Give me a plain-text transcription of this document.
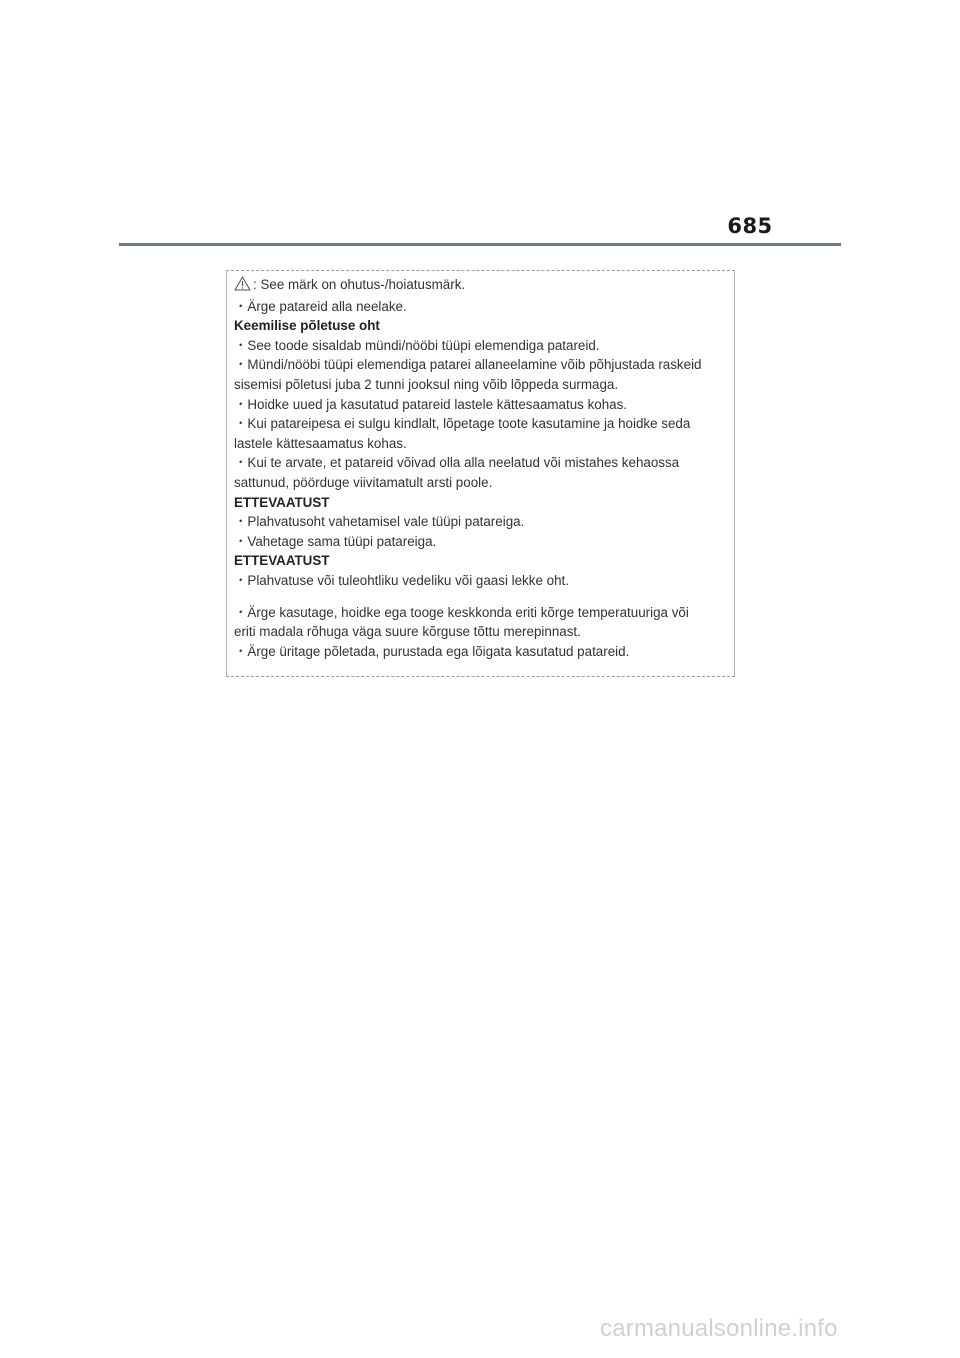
685
: See märk on ohutus-/hoiatusmärk.
・Ärge patareid alla neelake.
Keemilise põletuse oht
・See toode sisaldab mündi/nööbi tüüpi elemendiga patareid.
・Mündi/nööbi tüüpi elemendiga patarei allaneelamine võib põhjustada raskeid
sisemisi põletusi juba 2 tunni jooksul ning võib lõppeda surmaga.
・Hoidke uued ja kasutatud patareid lastele kättesaamatus kohas.
・Kui patareipesa ei sulgu kindlalt, lõpetage toote kasutamine ja hoidke seda
lastele kättesaamatus kohas.
・Kui te arvate, et patareid võivad olla alla neelatud või mistahes kehaossa
sattunud, pöörduge viivitamatult arsti poole.
ETTEVAATUST
・Plahvatusoht vahetamisel vale tüüpi patareiga.
・Vahetage sama tüüpi patareiga.
ETTEVAATUST
・Plahvatuse või tuleohtliku vedeliku või gaasi lekke oht.
・Ärge kasutage, hoidke ega tooge keskkonda eriti kõrge temperatuuriga või
eriti madala rõhuga väga suure kõrguse tõttu merepinnast.
・Ärge üritage põletada, purustada ega lõigata kasutatud patareid.
carmanualsonline.info
